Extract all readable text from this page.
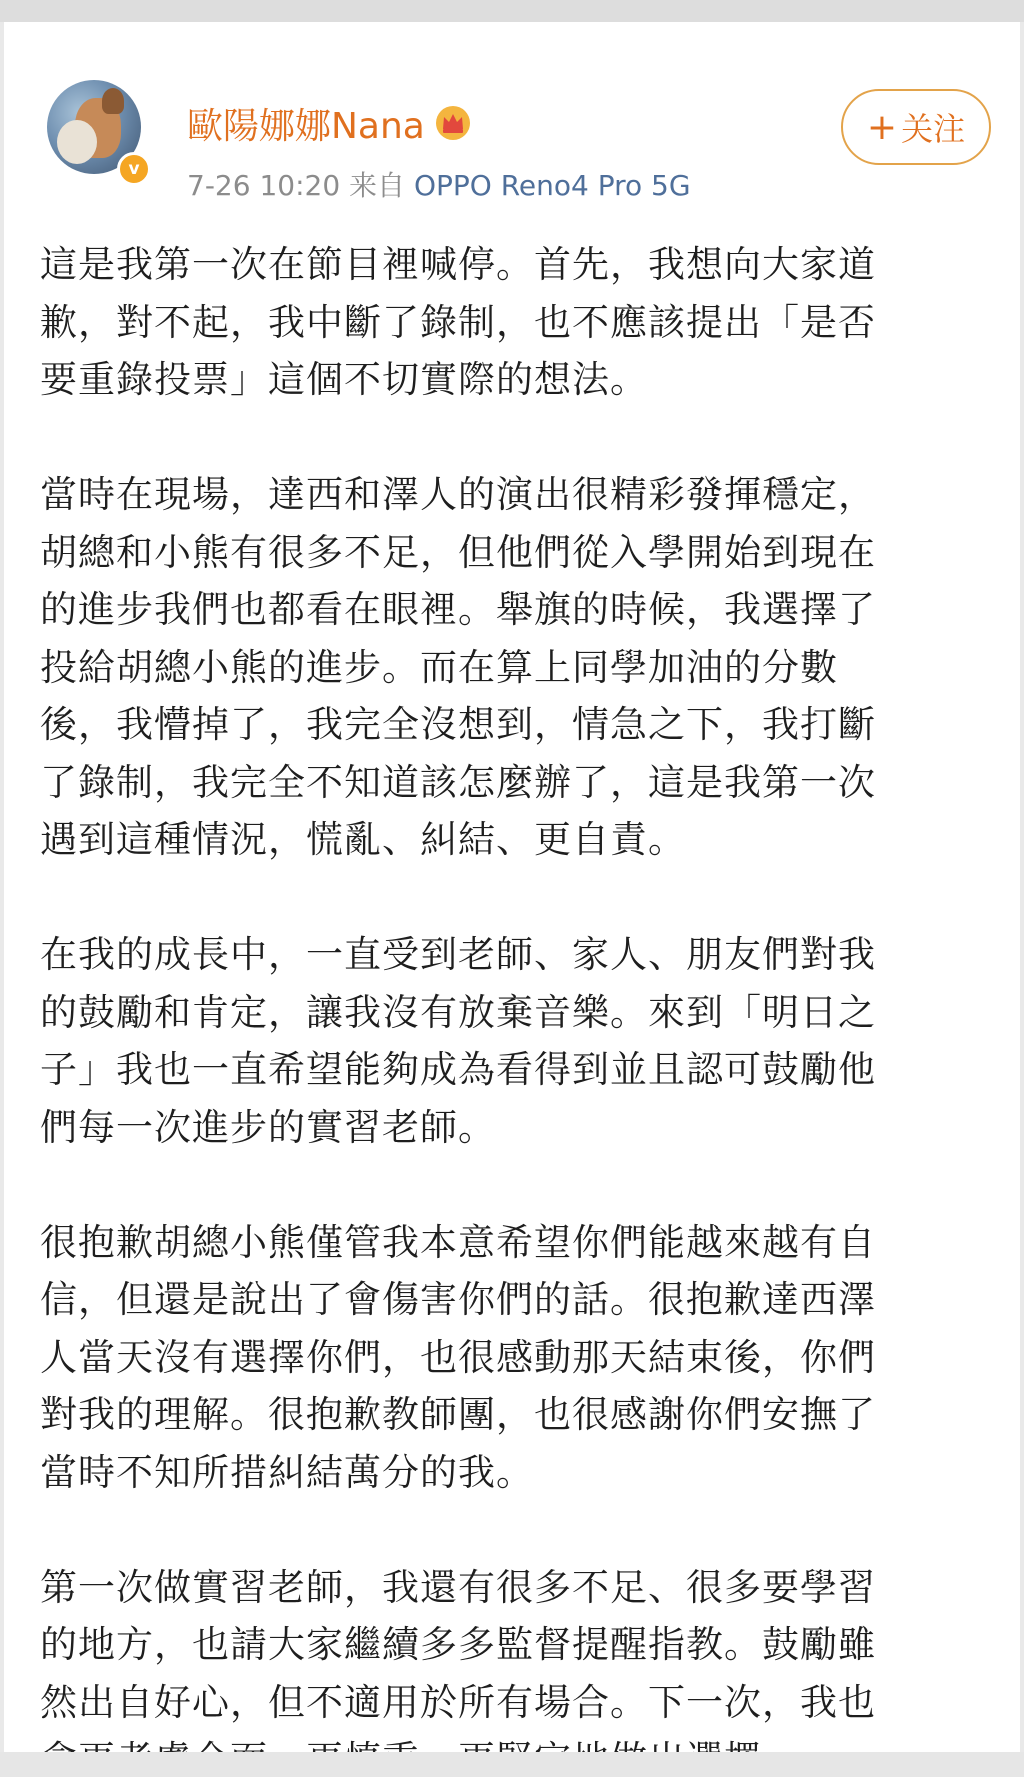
v
歐陽娜娜Nana
7-26 10:20 来自 OPPO Reno4 Pro 5G
+ 关注
這是我第一次在節目裡喊停。首先，我想向大家道
歉，對不起，我中斷了錄制，也不應該提出「是否
要重錄投票」這個不切實際的想法。
當時在現場，達西和澤人的演出很精彩發揮穩定，
胡總和小熊有很多不足，但他們從入學開始到現在
的進步我們也都看在眼裡。舉旗的時候，我選擇了
投給胡總小熊的進步。而在算上同學加油的分數
後，我懵掉了，我完全沒想到，情急之下，我打斷
了錄制，我完全不知道該怎麼辦了，這是我第一次
遇到這種情況，慌亂、糾結、更自責。
在我的成長中，一直受到老師、家人、朋友們對我
的鼓勵和肯定，讓我沒有放棄音樂。來到「明日之
子」我也一直希望能夠成為看得到並且認可鼓勵他
們每一次進步的實習老師。
很抱歉胡總小熊僅管我本意希望你們能越來越有自
信，但還是說出了會傷害你們的話。很抱歉達西澤
人當天沒有選擇你們，也很感動那天結束後，你們
對我的理解。很抱歉教師團，也很感謝你們安撫了
當時不知所措糾結萬分的我。
第一次做實習老師，我還有很多不足、很多要學習
的地方，也請大家繼續多多監督提醒指教。鼓勵雖
然出自好心，但不適用於所有場合。下一次，我也
